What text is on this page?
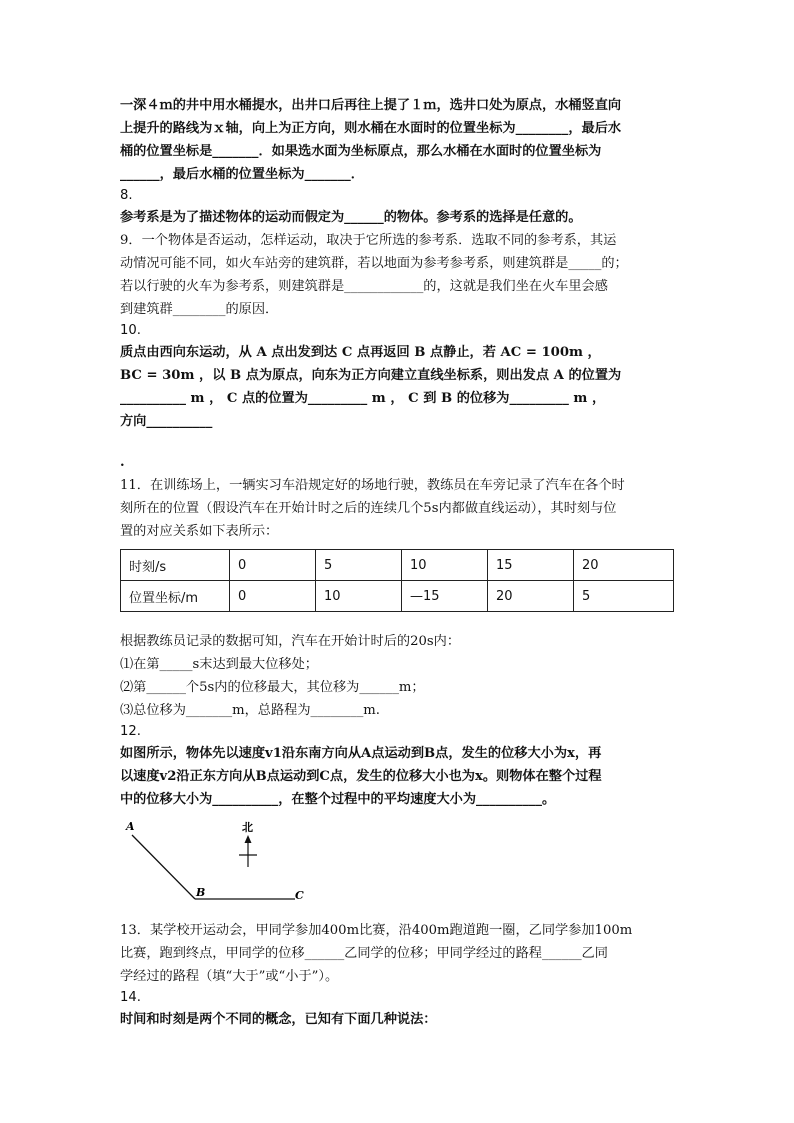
一深４ｍ的井中用水桶提水，出井口后再往上提了１ｍ，选井口处为原点，水桶竖直向
上提升的路线为ｘ轴，向上为正方向，则水桶在水面时的位置坐标为________，最后水
桶的位置坐标是_______．如果选水面为坐标原点，那么水桶在水面时的位置坐标为
______，最后水桶的位置坐标为_______．
8.
参考系是为了描述物体的运动而假定为______的物体。参考系的选择是任意的。
9．一个物体是否运动，怎样运动，取决于它所选的参考系．选取不同的参考系，其运
动情况可能不同，如火车站旁的建筑群，若以地面为参考参考系，则建筑群是_____的；
若以行驶的火车为参考系，则建筑群是____________的，这就是我们坐在火车里会感
到建筑群________的原因．
10.
质点由西向东运动，从 A 点出发到达 C 点再返回 B 点静止，若 AC = 100m ，
BC = 30m ，以 B 点为原点，向东为正方向建立直线坐标系，则出发点 A 的位置为
__________ m ， C 点的位置为_________ m ， C 到 B 的位移为_________ m ，
方向__________
.
11．在训练场上，一辆实习车沿规定好的场地行驶，教练员在车旁记录了汽车在各个时
刻所在的位置（假设汽车在开始计时之后的连续几个5s内都做直线运动），其时刻与位
置的对应关系如下表所示：
时刻/s	0	5	10	15	20
位置坐标/m	0	10	—15	20	5
根据教练员记录的数据可知，汽车在开始计时后的20s内：
⑴在第_____s末达到最大位移处；
⑵第______个5s内的位移最大，其位移为______m；
⑶总位移为_______m，总路程为________m.
12.
如图所示，物体先以速度v1沿东南方向从A点运动到B点，发生的位移大小为x，再
以速度v2沿正东方向从B点运动到C点，发生的位移大小也为x。则物体在整个过程
中的位移大小为__________，在整个过程中的平均速度大小为__________。
A
B	C
北
13．某学校开运动会，甲同学参加400m比赛，沿400m跑道跑一圈，乙同学参加100m
比赛，跑到终点，甲同学的位移______乙同学的位移；甲同学经过的路程______乙同
学经过的路程（填“大于”或“小于”）。
14.
时间和时刻是两个不同的概念，已知有下面几种说法：
